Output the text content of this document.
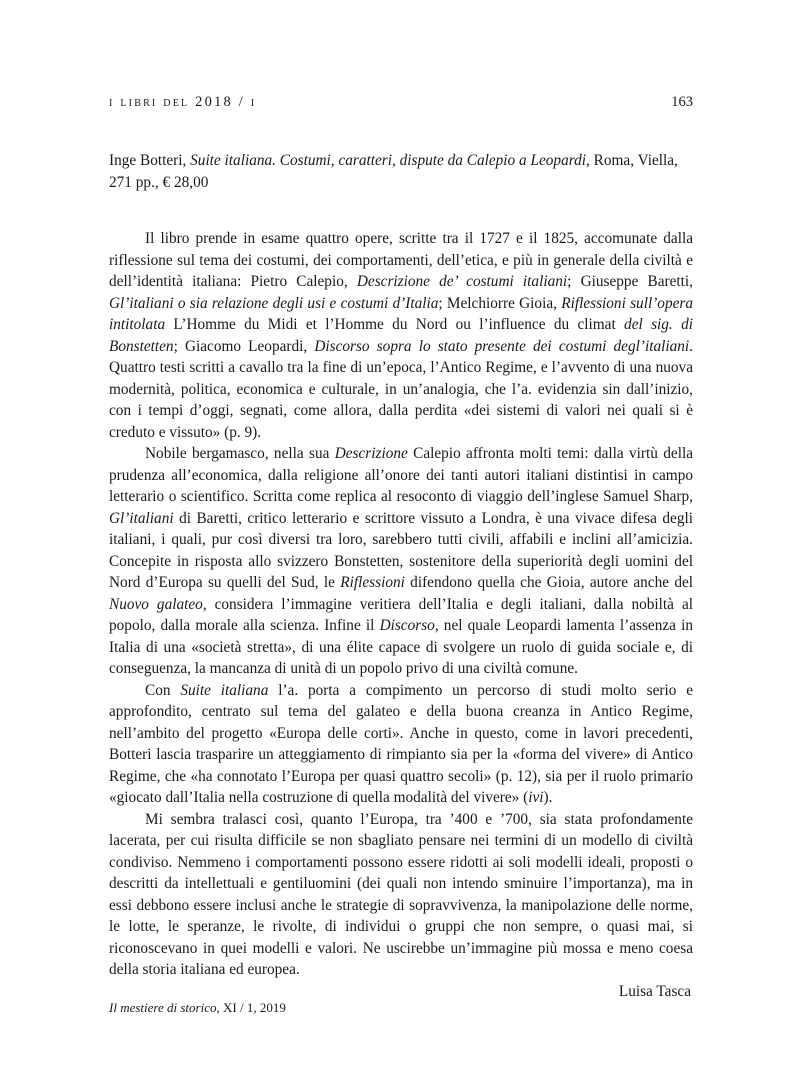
i libri del 2018 / i	163

Inge Botteri, Suite italiana. Costumi, caratteri, dispute da Calepio a Leopardi, Roma, Viella, 271 pp., € 28,00

Il libro prende in esame quattro opere, scritte tra il 1727 e il 1825, accomunate dalla riflessione sul tema dei costumi, dei comportamenti, dell’etica, e più in generale della civiltà e dell’identità italiana: Pietro Calepio, Descrizione de’ costumi italiani; Giuseppe Baretti, Gl’italiani o sia relazione degli usi e costumi d’Italia; Melchiorre Gioia, Riflessioni sull’opera intitolata L’Homme du Midi et l’Homme du Nord ou l’influence du climat del sig. di Bonstetten; Giacomo Leopardi, Discorso sopra lo stato presente dei costumi degl’italiani. Quattro testi scritti a cavallo tra la fine di un’epoca, l’Antico Regime, e l’avvento di una nuova modernità, politica, economica e culturale, in un’analogia, che l’a. evidenzia sin dall’inizio, con i tempi d’oggi, segnati, come allora, dalla perdita «dei sistemi di valori nei quali si è creduto e vissuto» (p. 9).

Nobile bergamasco, nella sua Descrizione Calepio affronta molti temi: dalla virtù della prudenza all’economica, dalla religione all’onore dei tanti autori italiani distintisi in campo letterario o scientifico. Scritta come replica al resoconto di viaggio dell’inglese Samuel Sharp, Gl’italiani di Baretti, critico letterario e scrittore vissuto a Londra, è una vivace difesa degli italiani, i quali, pur così diversi tra loro, sarebbero tutti civili, affabili e inclini all’amicizia. Concepite in risposta allo svizzero Bonstetten, sostenitore della superiorità degli uomini del Nord d’Europa su quelli del Sud, le Riflessioni difendono quella che Gioia, autore anche del Nuovo galateo, considera l’immagine veritiera dell’Italia e degli italiani, dalla nobiltà al popolo, dalla morale alla scienza. Infine il Discorso, nel quale Leopardi lamenta l’assenza in Italia di una «società stretta», di una élite capace di svolgere un ruolo di guida sociale e, di conseguenza, la mancanza di unità di un popolo privo di una civiltà comune.

Con Suite italiana l’a. porta a compimento un percorso di studi molto serio e approfondito, centrato sul tema del galateo e della buona creanza in Antico Regime, nell’ambito del progetto «Europa delle corti». Anche in questo, come in lavori precedenti, Botteri lascia trasparire un atteggiamento di rimpianto sia per la «forma del vivere» di Antico Regime, che «ha connotato l’Europa per quasi quattro secoli» (p. 12), sia per il ruolo primario «giocato dall’Italia nella costruzione di quella modalità del vivere» (ivi).

Mi sembra tralasci così, quanto l’Europa, tra ’400 e ’700, sia stata profondamente lacerata, per cui risulta difficile se non sbagliato pensare nei termini di un modello di civiltà condiviso. Nemmeno i comportamenti possono essere ridotti ai soli modelli ideali, proposti o descritti da intellettuali e gentiluomini (dei quali non intendo sminuire l’importanza), ma in essi debbono essere inclusi anche le strategie di sopravvivenza, la manipolazione delle norme, le lotte, le speranze, le rivolte, di individui o gruppi che non sempre, o quasi mai, si riconoscevano in quei modelli e valori. Ne uscirebbe un’immagine più mossa e meno coesa della storia italiana ed europea.

Luisa Tasca

Il mestiere di storico, XI / 1, 2019
